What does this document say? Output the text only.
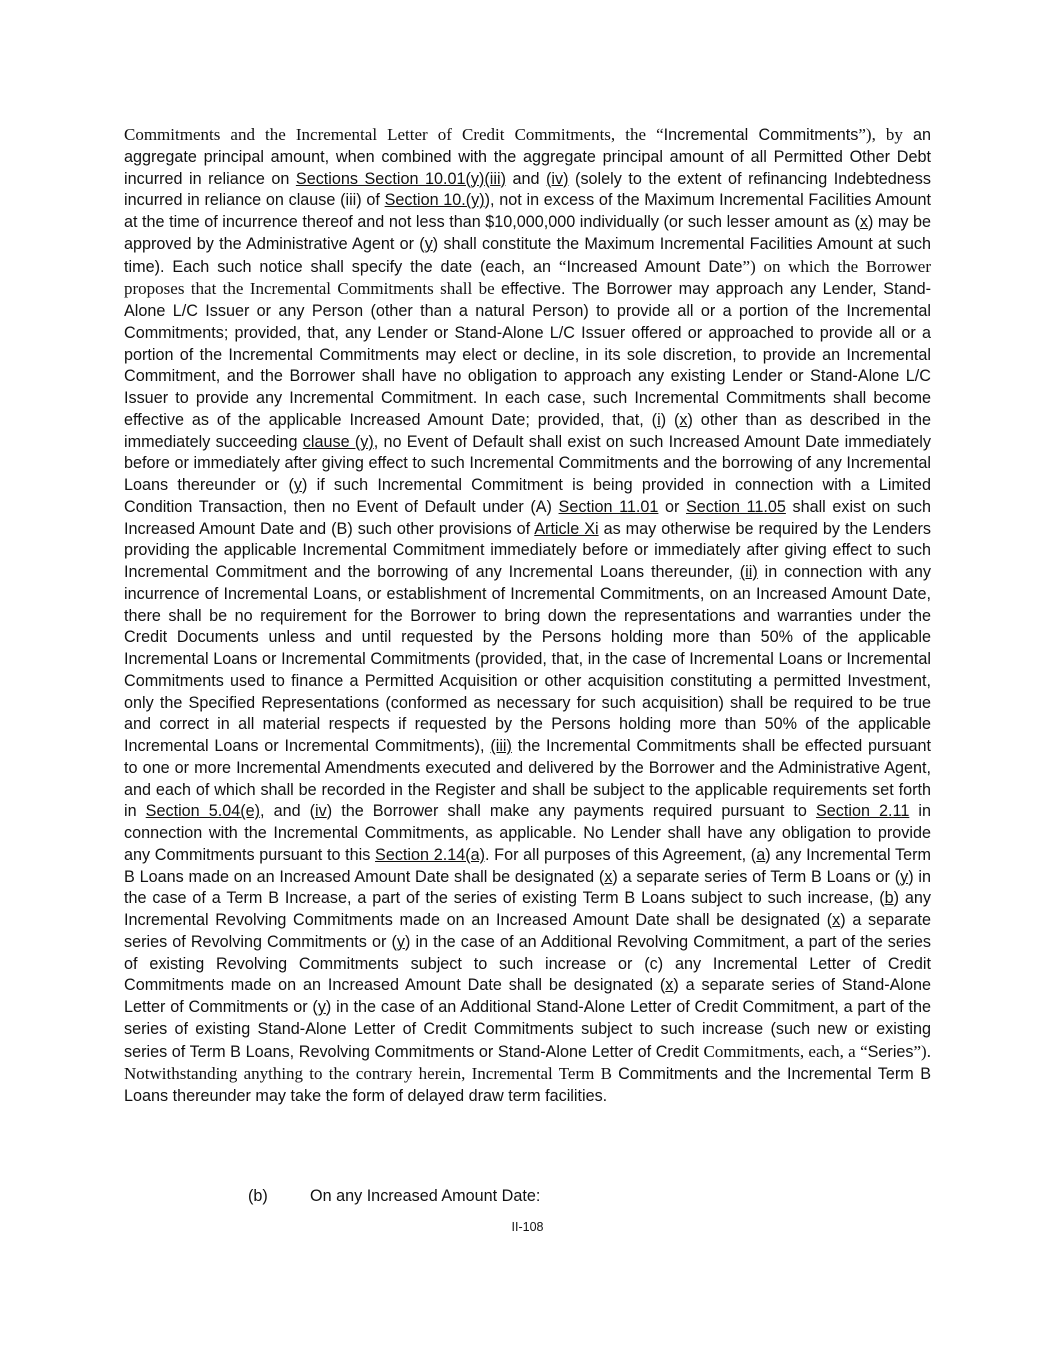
Commitments and the Incremental Letter of Credit Commitments, the “Incremental Commitments”), by an aggregate principal amount, when combined with the aggregate principal amount of all Permitted Other Debt incurred in reliance on Sections Section 10.01(y)(iii) and (iv) (solely to the extent of refinancing Indebtedness incurred in reliance on clause (iii) of Section 10.(y)), not in excess of the Maximum Incremental Facilities Amount at the time of incurrence thereof and not less than $10,000,000 individually (or such lesser amount as (x) may be approved by the Administrative Agent or (y) shall constitute the Maximum Incremental Facilities Amount at such time). Each such notice shall specify the date (each, an “Increased Amount Date”) on which the Borrower proposes that the Incremental Commitments shall be effective. The Borrower may approach any Lender, Stand-Alone L/C Issuer or any Person (other than a natural Person) to provide all or a portion of the Incremental Commitments; provided, that, any Lender or Stand-Alone L/C Issuer offered or approached to provide all or a portion of the Incremental Commitments may elect or decline, in its sole discretion, to provide an Incremental Commitment, and the Borrower shall have no obligation to approach any existing Lender or Stand-Alone L/C Issuer to provide any Incremental Commitment. In each case, such Incremental Commitments shall become effective as of the applicable Increased Amount Date; provided, that, (i) (x) other than as described in the immediately succeeding clause (y), no Event of Default shall exist on such Increased Amount Date immediately before or immediately after giving effect to such Incremental Commitments and the borrowing of any Incremental Loans thereunder or (y) if such Incremental Commitment is being provided in connection with a Limited Condition Transaction, then no Event of Default under (A) Section 11.01 or Section 11.05 shall exist on such Increased Amount Date and (B) such other provisions of Article Xi as may otherwise be required by the Lenders providing the applicable Incremental Commitment immediately before or immediately after giving effect to such Incremental Commitment and the borrowing of any Incremental Loans thereunder, (ii) in connection with any incurrence of Incremental Loans, or establishment of Incremental Commitments, on an Increased Amount Date, there shall be no requirement for the Borrower to bring down the representations and warranties under the Credit Documents unless and until requested by the Persons holding more than 50% of the applicable Incremental Loans or Incremental Commitments (provided, that, in the case of Incremental Loans or Incremental Commitments used to finance a Permitted Acquisition or other acquisition constituting a permitted Investment, only the Specified Representations (conformed as necessary for such acquisition) shall be required to be true and correct in all material respects if requested by the Persons holding more than 50% of the applicable Incremental Loans or Incremental Commitments), (iii) the Incremental Commitments shall be effected pursuant to one or more Incremental Amendments executed and delivered by the Borrower and the Administrative Agent, and each of which shall be recorded in the Register and shall be subject to the applicable requirements set forth in Section 5.04(e), and (iv) the Borrower shall make any payments required pursuant to Section 2.11 in connection with the Incremental Commitments, as applicable. No Lender shall have any obligation to provide any Commitments pursuant to this Section 2.14(a). For all purposes of this Agreement, (a) any Incremental Term B Loans made on an Increased Amount Date shall be designated (x) a separate series of Term B Loans or (y) in the case of a Term B Increase, a part of the series of existing Term B Loans subject to such increase, (b) any Incremental Revolving Commitments made on an Increased Amount Date shall be designated (x) a separate series of Revolving Commitments or (y) in the case of an Additional Revolving Commitment, a part of the series of existing Revolving Commitments subject to such increase or (c) any Incremental Letter of Credit Commitments made on an Increased Amount Date shall be designated (x) a separate series of Stand-Alone Letter of Commitments or (y) in the case of an Additional Stand-Alone Letter of Credit Commitment, a part of the series of existing Stand-Alone Letter of Credit Commitments subject to such increase (such new or existing series of Term B Loans, Revolving Commitments or Stand-Alone Letter of Credit Commitments, each, a “Series”). Notwithstanding anything to the contrary herein, Incremental Term B Commitments and the Incremental Term B Loans thereunder may take the form of delayed draw term facilities.

(b)	On any Increased Amount Date:
II-108
